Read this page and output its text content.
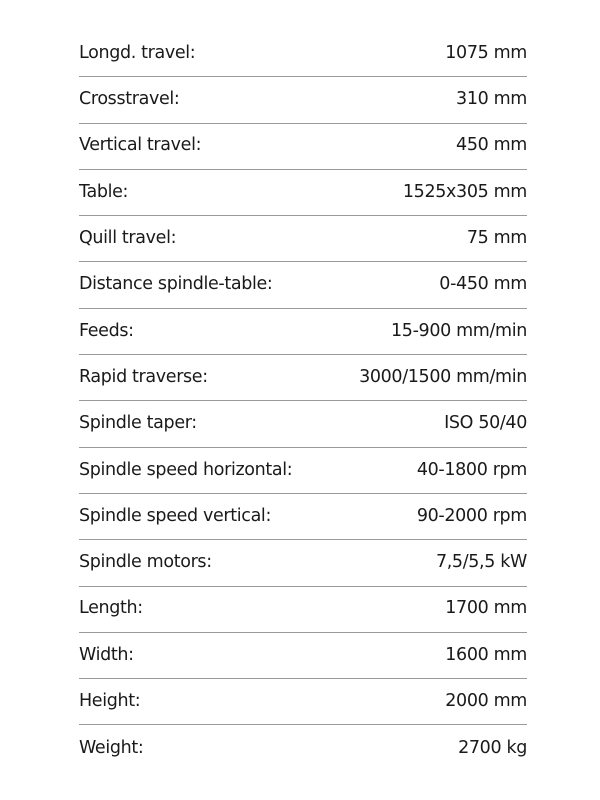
Longd. travel:	1075 mm
Crosstravel:	310 mm
Vertical travel:	450 mm
Table:	1525x305 mm
Quill travel:	75 mm
Distance spindle-table:	0-450 mm
Feeds:	15-900 mm/min
Rapid traverse:	3000/1500 mm/min
Spindle taper:	ISO 50/40
Spindle speed horizontal:	40-1800 rpm
Spindle speed vertical:	90-2000 rpm
Spindle motors:	7,5/5,5 kW
Length:	1700 mm
Width:	1600 mm
Height:	2000 mm
Weight:	2700 kg
